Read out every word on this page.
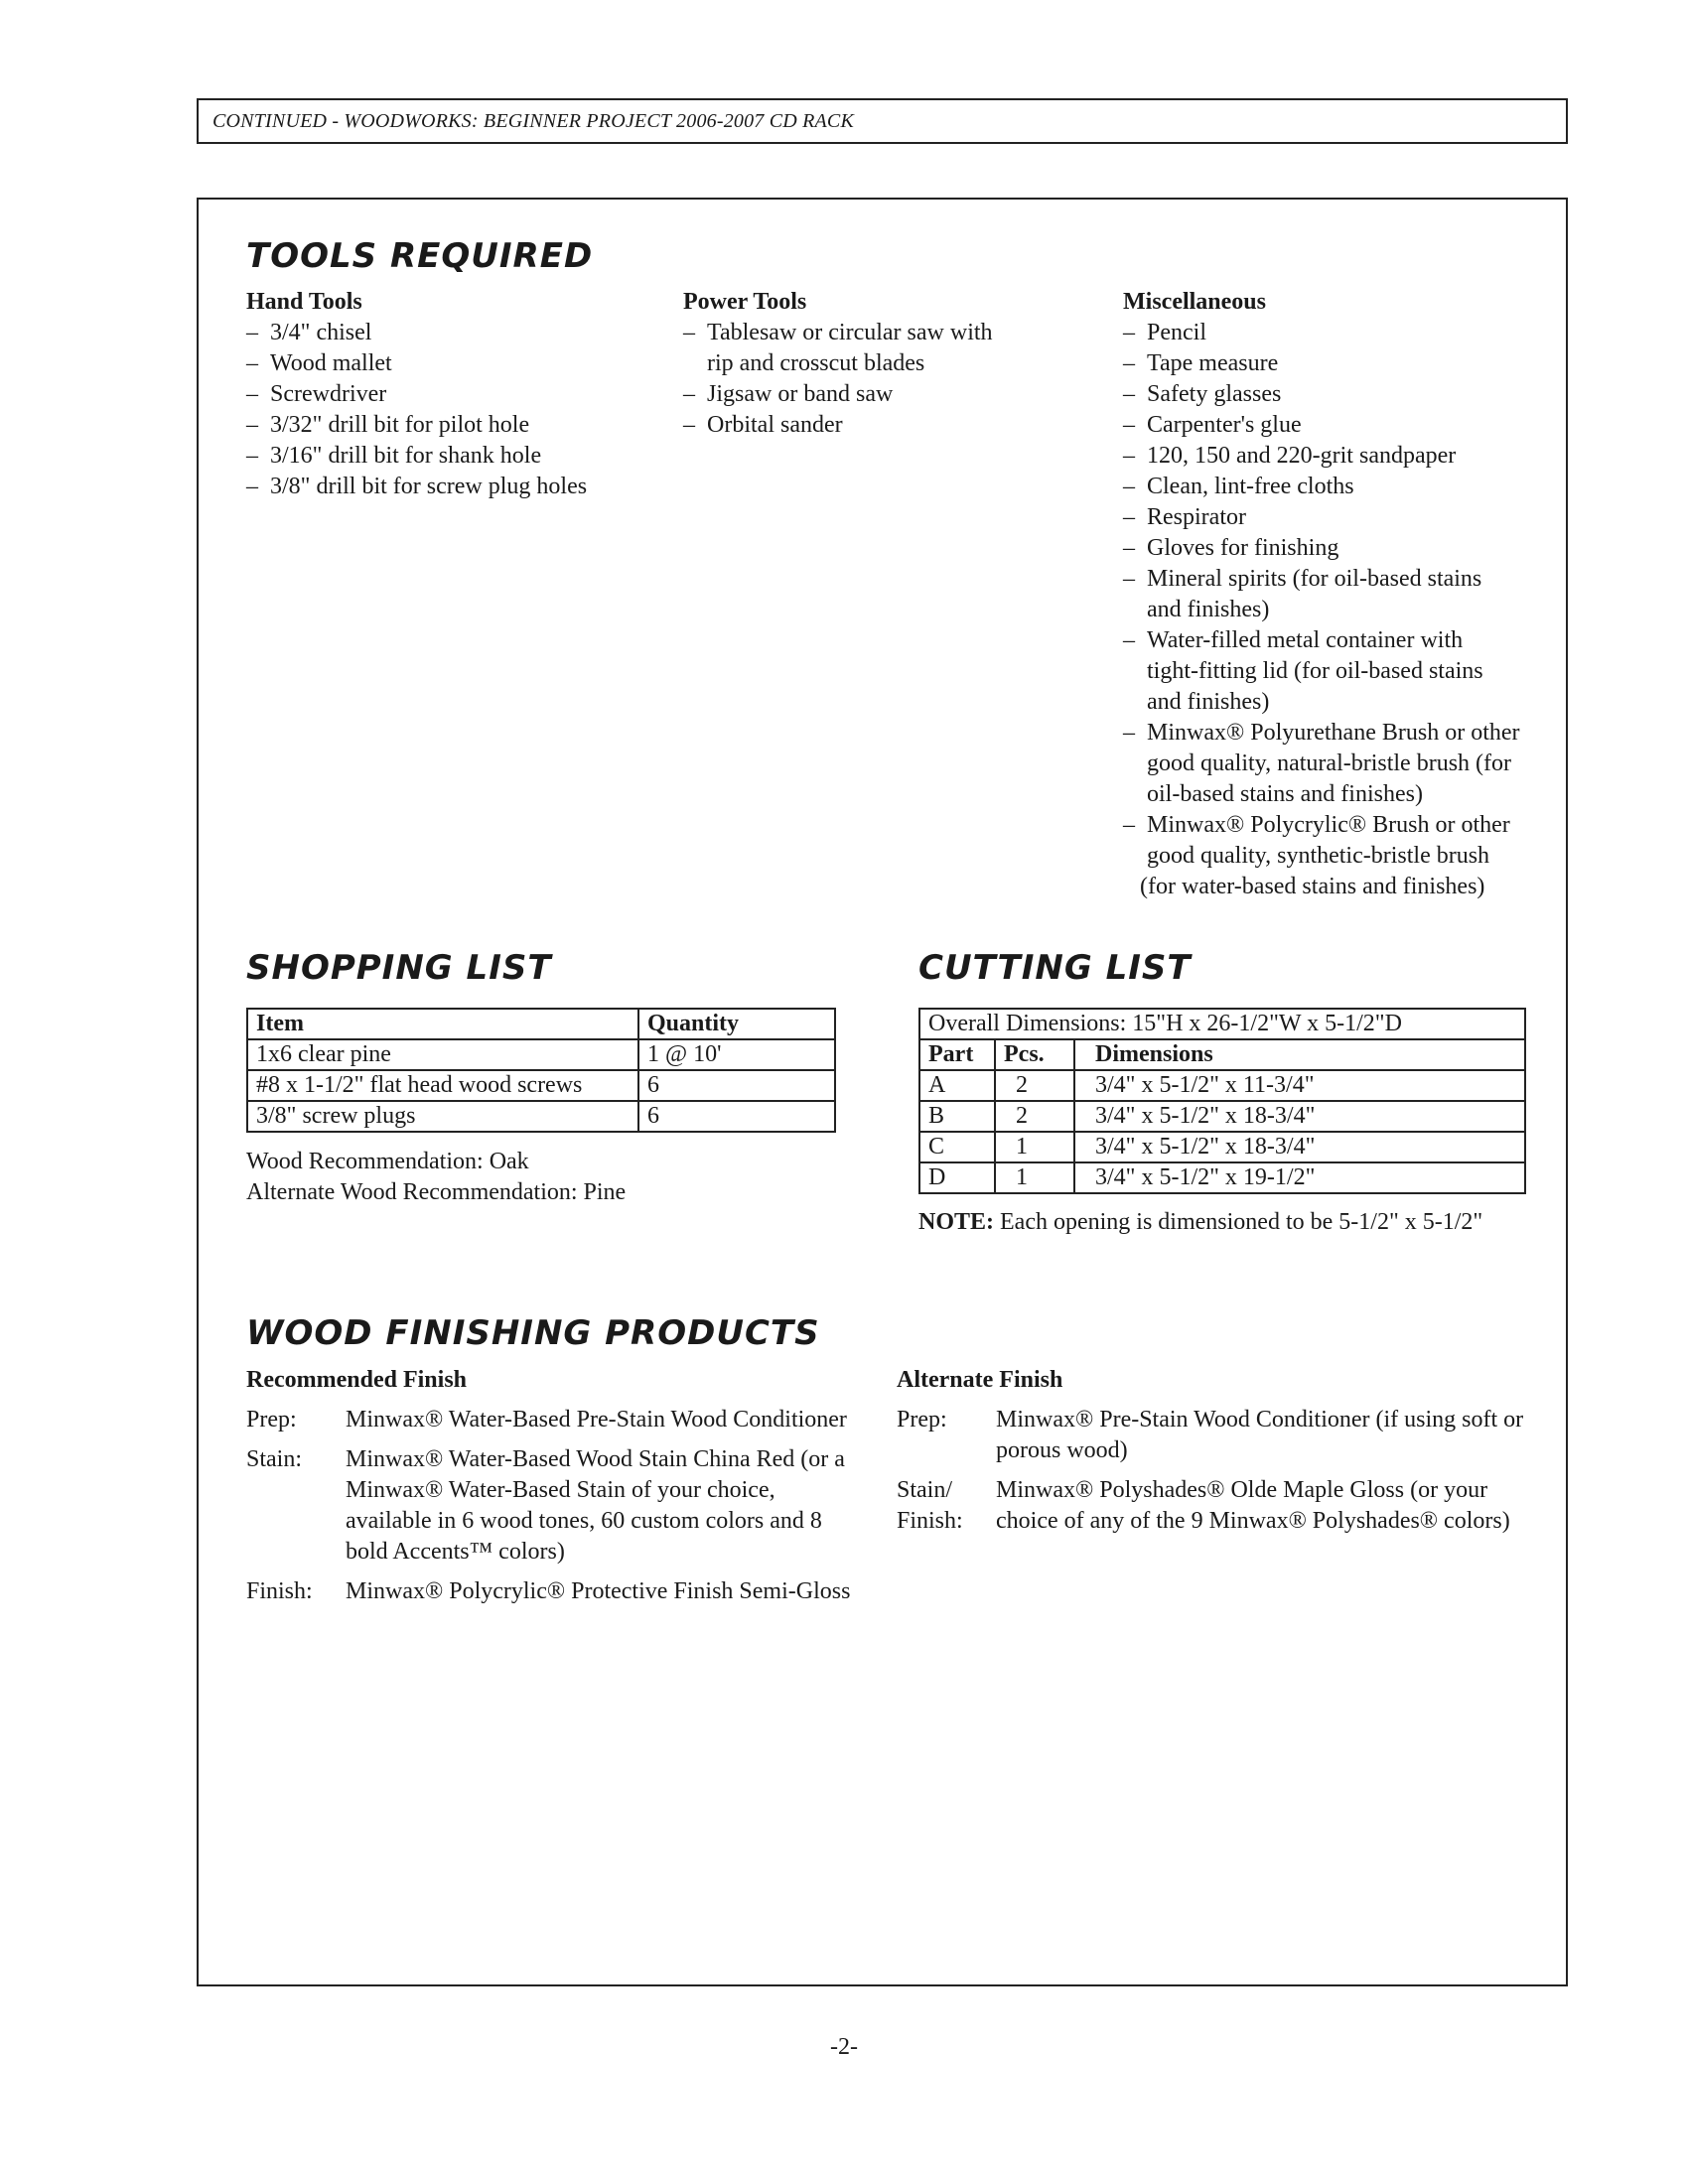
CONTINUED - WOODWORKS: BEGINNER PROJECT 2006-2007 CD RACK
TOOLS REQUIRED
Hand Tools
– 3/4" chisel
– Wood mallet
– Screwdriver
– 3/32" drill bit for pilot hole
– 3/16" drill bit for shank hole
– 3/8" drill bit for screw plug holes
Power Tools
– Tablesaw or circular saw with
rip and crosscut blades
– Jigsaw or band saw
– Orbital sander
Miscellaneous
– Pencil
– Tape measure
– Safety glasses
– Carpenter's glue
– 120, 150 and 220-grit sandpaper
– Clean, lint-free cloths
– Respirator
– Gloves for finishing
– Mineral spirits (for oil-based stains
and finishes)
– Water-filled metal container with
tight-fitting lid (for oil-based stains
and finishes)
– Minwax® Polyurethane Brush or other
good quality, natural-bristle brush (for
oil-based stains and finishes)
– Minwax® Polycrylic® Brush or other
good quality, synthetic-bristle brush
(for water-based stains and finishes)
SHOPPING LIST
Item	Quantity
1x6 clear pine	1 @ 10'
#8 x 1-1/2" flat head wood screws	6
3/8" screw plugs	6
Wood Recommendation: Oak
Alternate Wood Recommendation: Pine
CUTTING LIST
Overall Dimensions: 15"H x 26-1/2"W x 5-1/2"D		
Part	Pcs.	Dimensions
A	2	3/4" x 5-1/2" x 11-3/4"
B	2	3/4" x 5-1/2" x 18-3/4"
C	1	3/4" x 5-1/2" x 18-3/4"
D	1	3/4" x 5-1/2" x 19-1/2"
NOTE: Each opening is dimensioned to be 5-1/2" x 5-1/2"
WOOD FINISHING PRODUCTS
Recommended Finish
Prep:	Minwax® Water-Based Pre-Stain Wood Conditioner
Stain:	Minwax® Water-Based Wood Stain China Red (or a Minwax® Water-Based Stain of your choice, available in 6 wood tones, 60 custom colors and 8 bold Accents™ colors)
Finish:	Minwax® Polycrylic® Protective Finish Semi-Gloss
Alternate Finish
Prep:	Minwax® Pre-Stain Wood Conditioner (if using soft or porous wood)
Stain/ Finish:
Minwax® Polyshades® Olde Maple Gloss (or your choice of any of the 9 Minwax® Polyshades® colors)
-2-
